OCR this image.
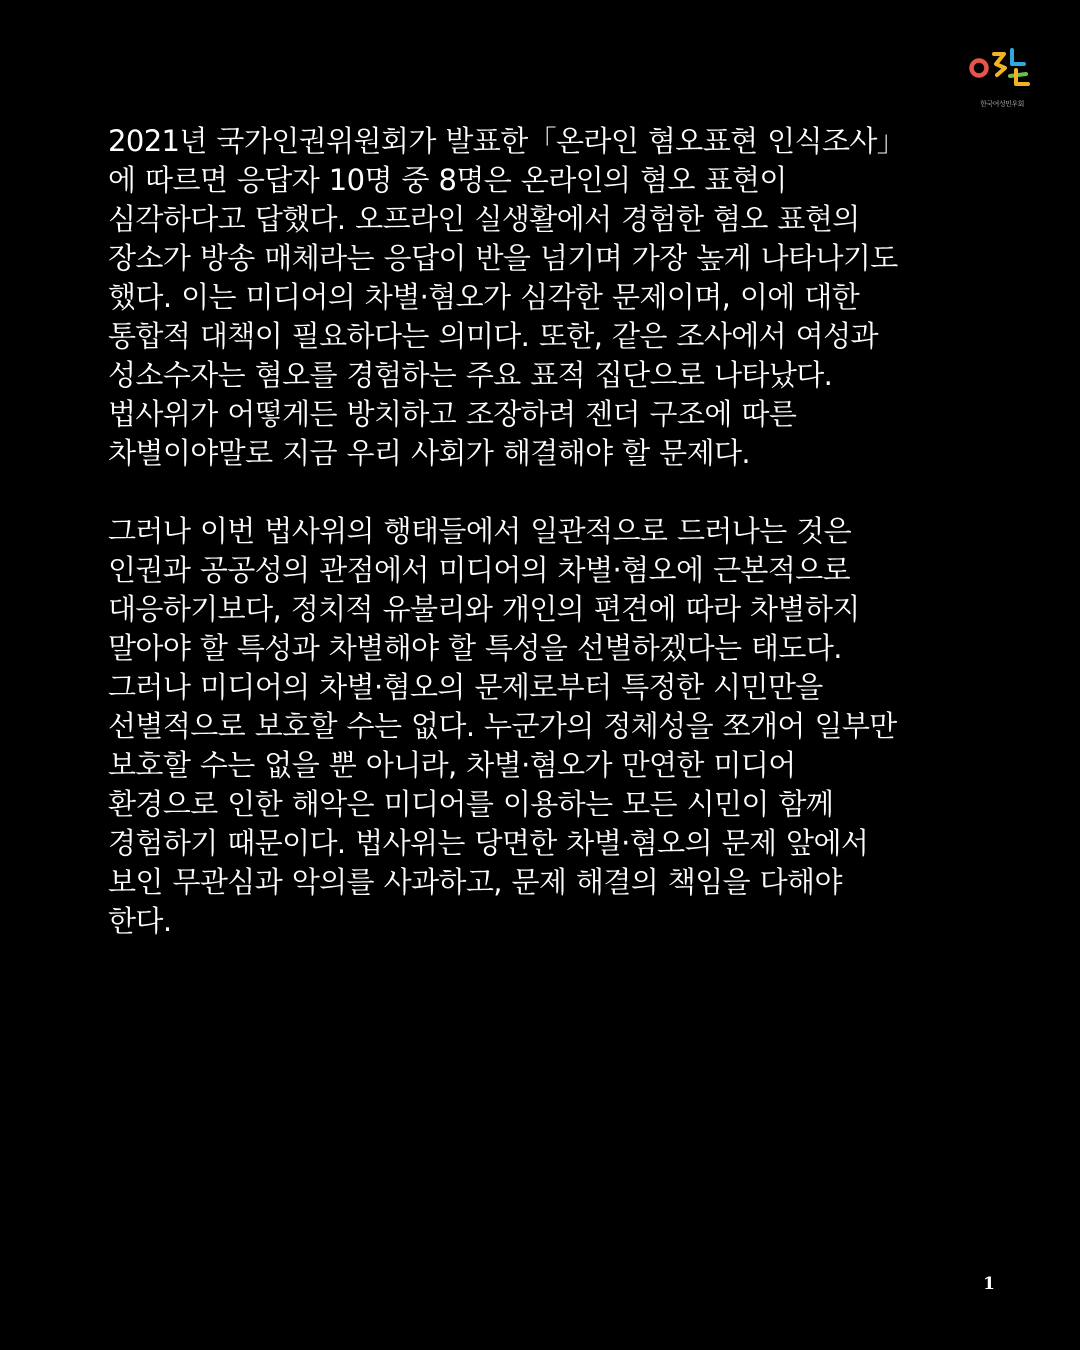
한국여성민우회
2021년 국가인권위원회가 발표한「온라인 혐오표현 인식조사」
에 따르면 응답자 10명 중 8명은 온라인의 혐오 표현이
심각하다고 답했다. 오프라인 실생활에서 경험한 혐오 표현의
장소가 방송 매체라는 응답이 반을 넘기며 가장 높게 나타나기도
했다. 이는 미디어의 차별·혐오가 심각한 문제이며, 이에 대한
통합적 대책이 필요하다는 의미다. 또한, 같은 조사에서 여성과
성소수자는 혐오를 경험하는 주요 표적 집단으로 나타났다.
법사위가 어떻게든 방치하고 조장하려 젠더 구조에 따른
차별이야말로 지금 우리 사회가 해결해야 할 문제다.
그러나 이번 법사위의 행태들에서 일관적으로 드러나는 것은
인권과 공공성의 관점에서 미디어의 차별·혐오에 근본적으로
대응하기보다, 정치적 유불리와 개인의 편견에 따라 차별하지
말아야 할 특성과 차별해야 할 특성을 선별하겠다는 태도다.
그러나 미디어의 차별·혐오의 문제로부터 특정한 시민만을
선별적으로 보호할 수는 없다. 누군가의 정체성을 쪼개어 일부만
보호할 수는 없을 뿐 아니라, 차별·혐오가 만연한 미디어
환경으로 인한 해악은 미디어를 이용하는 모든 시민이 함께
경험하기 때문이다. 법사위는 당면한 차별·혐오의 문제 앞에서
보인 무관심과 악의를 사과하고, 문제 해결의 책임을 다해야
한다.
1
